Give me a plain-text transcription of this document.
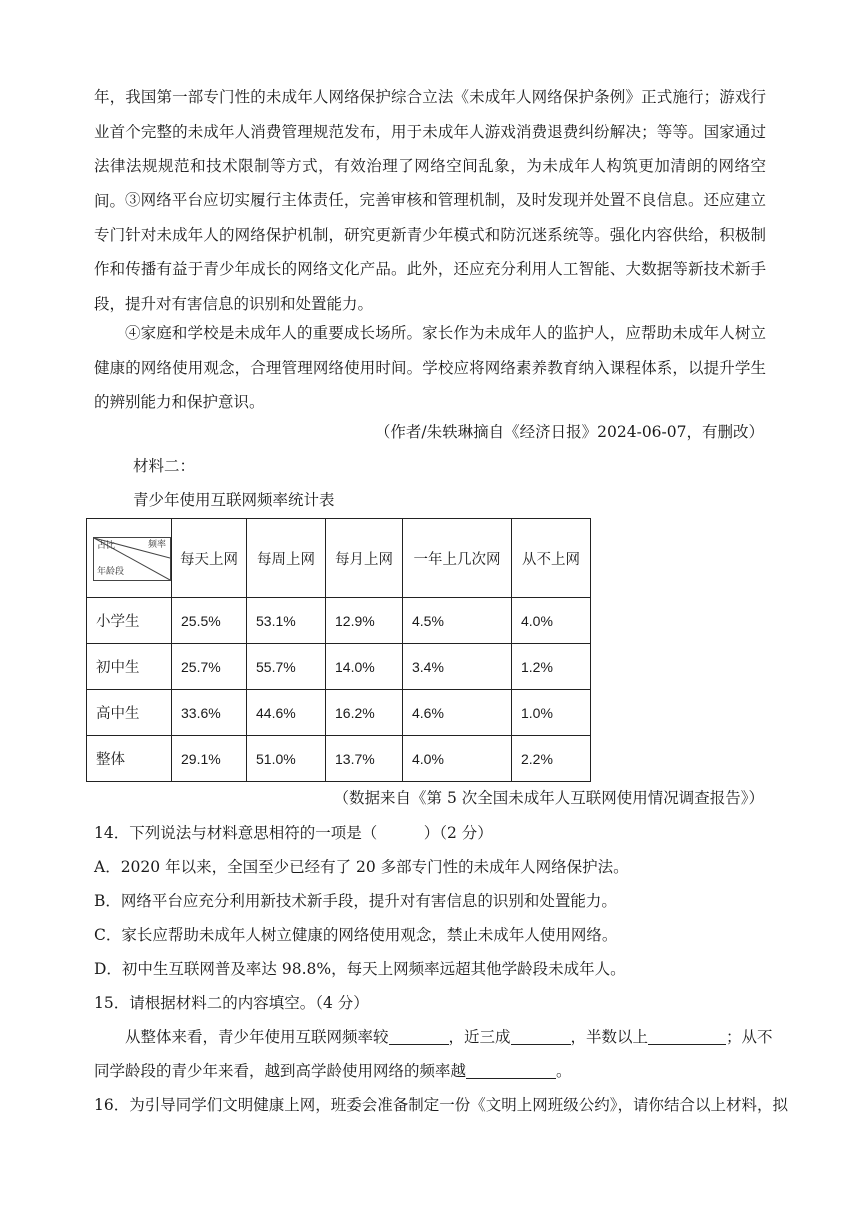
年，我国第一部专门性的未成年人网络保护综合立法《未成年人网络保护条例》正式施行；游戏行业首个完整的未成年人消费管理规范发布，用于未成年人游戏消费退费纠纷解决；等等。国家通过法律法规规范和技术限制等方式，有效治理了网络空间乱象，为未成年人构筑更加清朗的网络空间。 ③网络平台应切实履行主体责任，完善审核和管理机制，及时发现并处置不良信息。还应建立专门针对未成年人的网络保护机制，研究更新青少年模式和防沉迷系统等。强化内容供给，积极制作和传播有益于青少年成长的网络文化产品。此外，还应充分利用人工智能、大数据等新技术新手段，提升对有害信息的识别和处置能力。

④家庭和学校是未成年人的重要成长场所。家长作为未成年人的监护人，应帮助未成年人树立健康的网络使用观念，合理管理网络使用时间。学校应将网络素养教育纳入课程体系，以提升学生的辨别能力和保护意识。

（作者/朱轶琳摘自《经济日报》2024-06-07，有删改）

材料二：

青少年使用互联网频率统计表

占比 频率
年龄段	每天上网	每周上网	每月上网	一年上几次网	从不上网
小学生	25.5%	53.1%	12.9%	4.5%	4.0%
初中生	25.7%	55.7%	14.0%	3.4%	1.2%
高中生	33.6%	44.6%	16.2%	4.6%	1.0%
整体	29.1%	51.0%	13.7%	4.0%	2.2%

（数据来自《第 5 次全国未成年人互联网使用情况调查报告》）

14．下列说法与材料意思相符的一项是（　　　）（2 分）

A．2020 年以来，全国至少已经有了 20 多部专门性的未成年人网络保护法。

B．网络平台应充分利用新技术新手段，提升对有害信息的识别和处置能力。

C．家长应帮助未成年人树立健康的网络使用观念，禁止未成年人使用网络。

D．初中生互联网普及率达 98.8%，每天上网频率远超其他学龄段未成年人。

15．请根据材料二的内容填空。（4 分）

从整体来看，青少年使用互联网频率较	，近三成	，半数以上	；从不

同学龄段的青少年来看，越到高学龄使用网络的频率越	。

16．为引导同学们文明健康上网，班委会准备制定一份《文明上网班级公约》，请你结合以上材料，拟
